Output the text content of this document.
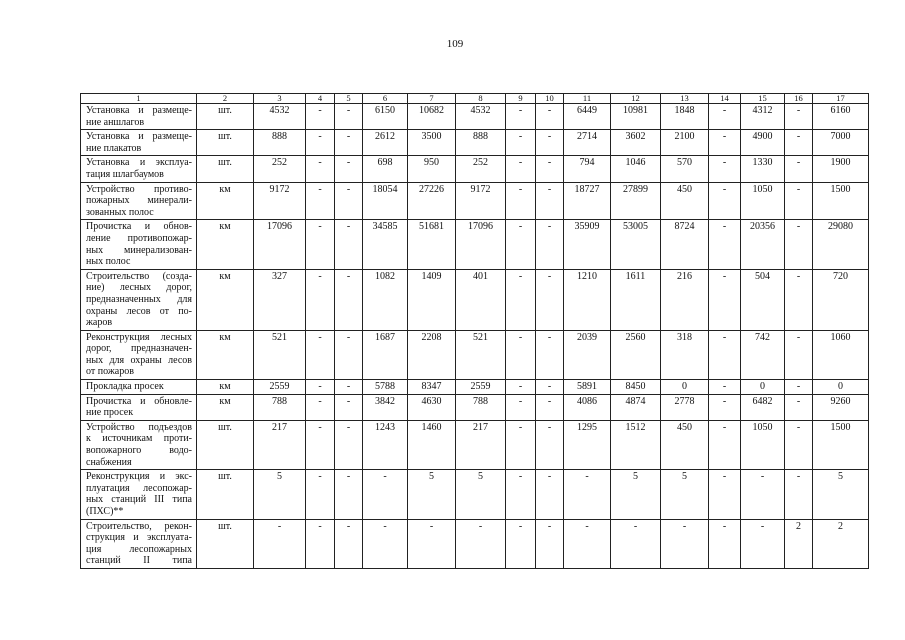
109
1	2	3	4	5	6	7	8	9	10	11	12	13	14	15	16	17

Установка и размеще-
ние аншлагов	шт.	4532	-	-	6150	10682	4532	-	-	6449	10981	1848	-	4312	-	6160

Установка и размеще-
ние плакатов	шт.	888	-	-	2612	3500	888	-	-	2714	3602	2100	-	4900	-	7000

Установка и эксплуа-
тация шлагбаумов	шт.	252	-	-	698	950	252	-	-	794	1046	570	-	1330	-	1900

Устройство противо-
пожарных минерали-
зованных полос	км	9172	-	-	18054	27226	9172	-	-	18727	27899	450	-	1050	-	1500

Прочистка и обнов-
ление противопожар-
ных минерализован-
ных полос	км	17096	-	-	34585	51681	17096	-	-	35909	53005	8724	-	20356	-	29080

Строительство (созда-
ние) лесных дорог,
предназначенных для
охраны лесов от по-
жаров	км	327	-	-	1082	1409	401	-	-	1210	1611	216	-	504	-	720

Реконструкция лесных
дорог, предназначен-
ных для охраны лесов
от пожаров	км	521	-	-	1687	2208	521	-	-	2039	2560	318	-	742	-	1060

Прокладка просек	км	2559	-	-	5788	8347	2559	-	-	5891	8450	0	-	0	-	0

Прочистка и обновле-
ние просек	км	788	-	-	3842	4630	788	-	-	4086	4874	2778	-	6482	-	9260

Устройство подъездов
к источникам проти-
вопожарного водо-
снабжения	шт.	217	-	-	1243	1460	217	-	-	1295	1512	450	-	1050	-	1500

Реконструкция и экс-
плуатация лесопожар-
ных станций III типа
(ПХС)**	шт.	5	-	-	-	5	5	-	-	-	5	5	-	-	-	5

Строительство, рекон-
струкция и эксплуата-
ция лесопожарных
станций II типа	шт.	-	-	-	-	-	-	-	-	-	-	-	-	-	2	2
